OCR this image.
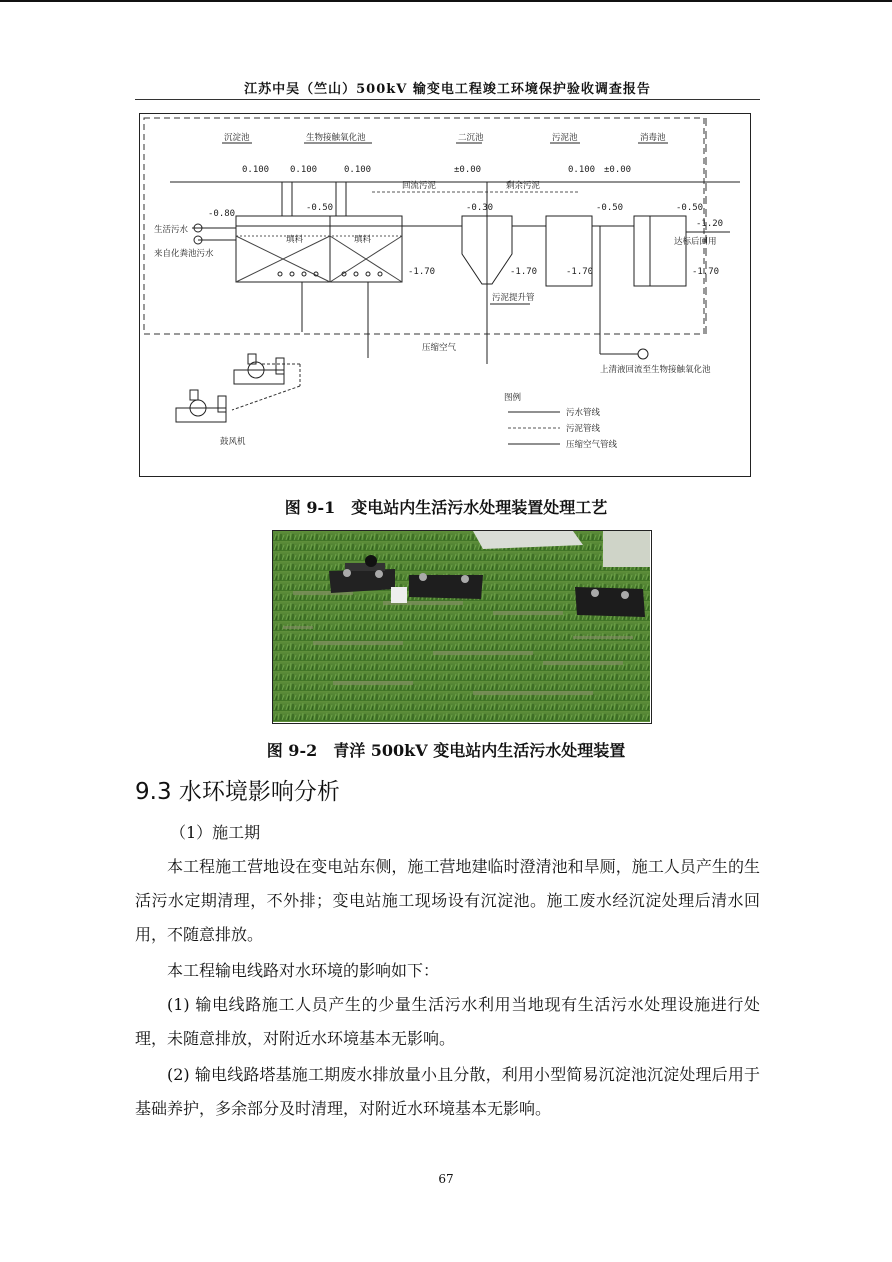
江苏中吴（竺山）500kV 输变电工程竣工环境保护验收调查报告
沉淀池	生物接触氧化池	二沉池	污泥池	消毒池
0.100 0.100	0.100	±0.00	0.100 ±0.00
填料	填料
生活污水
来自化粪池污水
-0.80
-0.50
-1.70
回流污泥	剩余污泥
-0.30
-1.70
污泥提升管
-0.50
-1.70
上清液回流至生物接触氧化池
-0.50
-1.20
-1.70
达标后回用
压缩空气
鼓风机
图例
污水管线
污泥管线
压缩空气管线
图 9-1　变电站内生活污水处理装置处理工艺
图 9-2　青洋 500kV 变电站内生活污水处理装置
9.3 水环境影响分析
（1）施工期
本工程施工营地设在变电站东侧，施工营地建临时澄清池和旱厕，施工人员产生的生活污水定期清理，不外排；变电站施工现场设有沉淀池。施工废水经沉淀处理后清水回用，不随意排放。
本工程输电线路对水环境的影响如下：
(1) 输电线路施工人员产生的少量生活污水利用当地现有生活污水处理设施进行处理，未随意排放，对附近水环境基本无影响。
(2) 输电线路塔基施工期废水排放量小且分散，利用小型简易沉淀池沉淀处理后用于基础养护，多余部分及时清理，对附近水环境基本无影响。
67
